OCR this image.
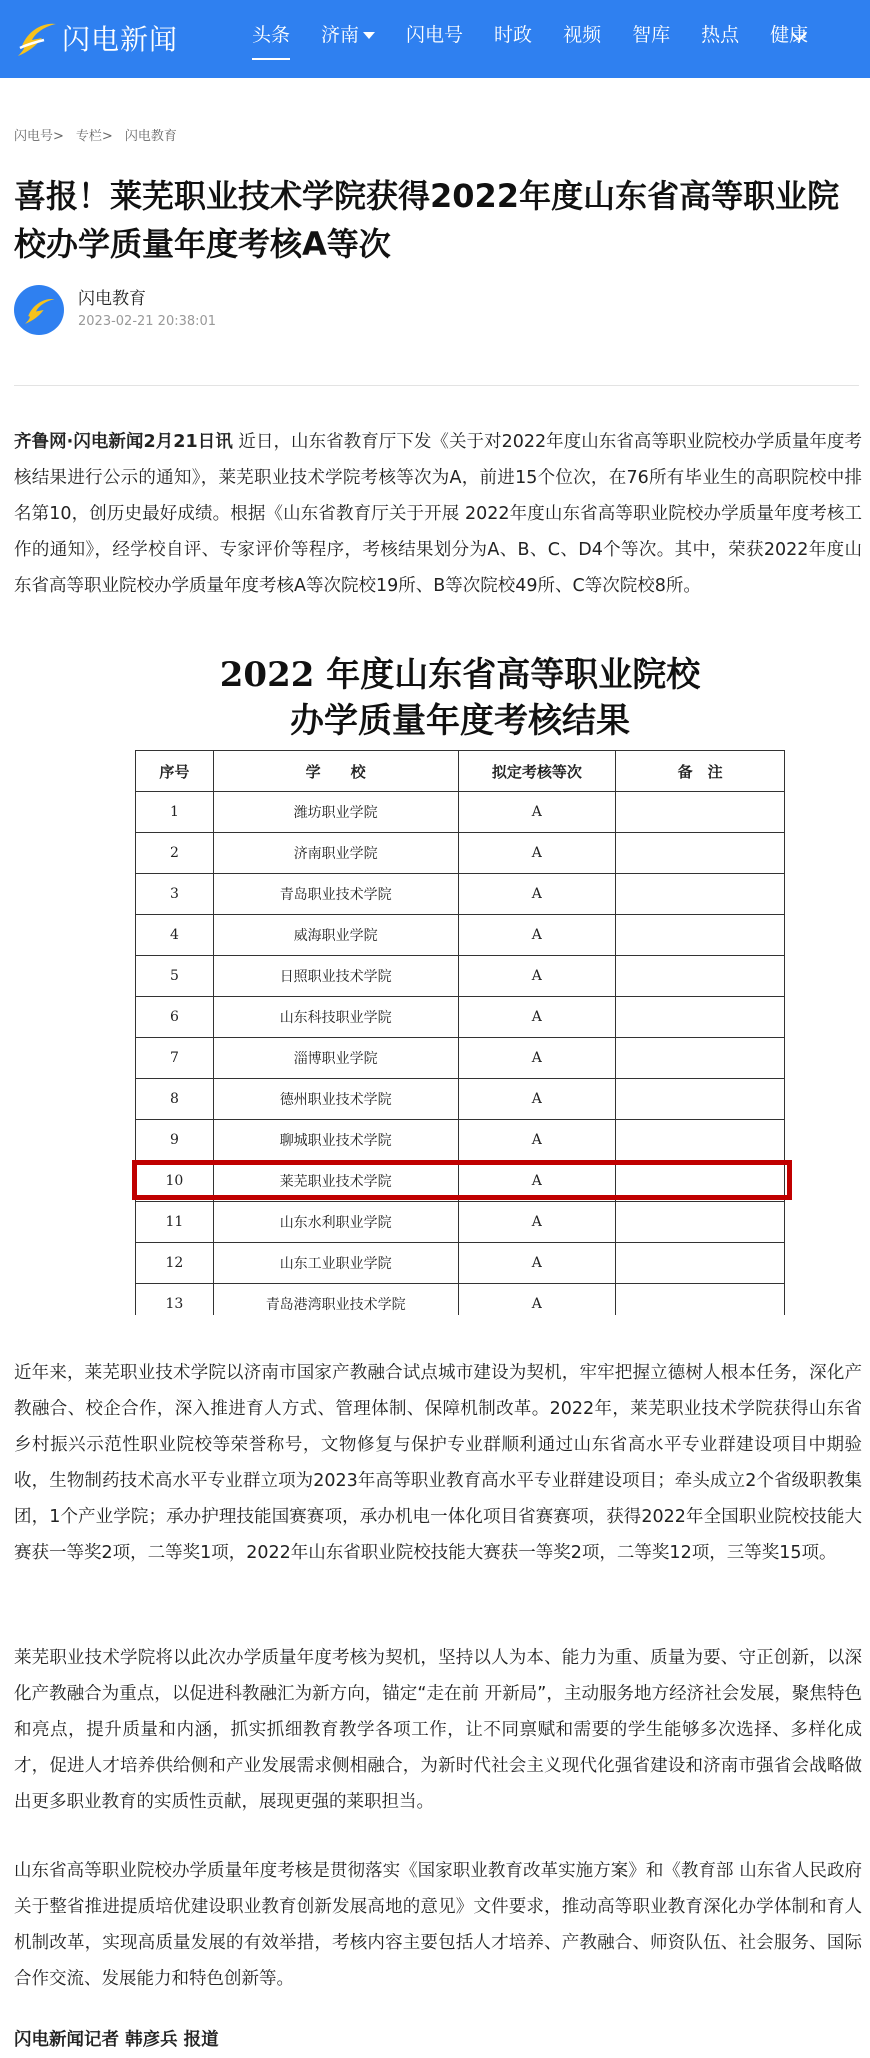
闪电新闻	头条 济南	闪电号 时政 视频 智库 热点 健康
闪电号> 专栏> 闪电教育
喜报！莱芜职业技术学院获得2022年度山东省高等职业院校办学质量年度考核A等次
闪电教育
2023-02-21 20:38:01

齐鲁网·闪电新闻2月21日讯 近日，山东省教育厅下发《关于对2022年度山东省高等职业院校办学质量年度考核结果进行公示的通知》，莱芜职业技术学院考核等次为A，前进15个位次，在76所有毕业生的高职院校中排名第10，创历史最好成绩。根据《山东省教育厅关于开展 2022年度山东省高等职业院校办学质量年度考核工作的通知》，经学校自评、专家评价等程序，考核结果划分为A、B、C、D4个等次。其中，荣获2022年度山东省高等职业院校办学质量年度考核A等次院校19所、B等次院校49所、C等次院校8所。

2022 年度山东省高等职业院校
办学质量年度考核结果
序号	学　　校	拟定考核等次	备　注
1	潍坊职业学院	A	
2	济南职业学院	A	
3	青岛职业技术学院	A	
4	威海职业学院	A	
5	日照职业技术学院	A	
6	山东科技职业学院	A	
7	淄博职业学院	A	
8	德州职业技术学院	A	
9	聊城职业技术学院	A	
10	莱芜职业技术学院	A	
11	山东水利职业学院	A	
12	山东工业职业学院	A	
13	青岛港湾职业技术学院	A	

近年来，莱芜职业技术学院以济南市国家产教融合试点城市建设为契机，牢牢把握立德树人根本任务，深化产教融合、校企合作，深入推进育人方式、管理体制、保障机制改革。2022年，莱芜职业技术学院获得山东省乡村振兴示范性职业院校等荣誉称号，文物修复与保护专业群顺利通过山东省高水平专业群建设项目中期验收，生物制药技术高水平专业群立项为2023年高等职业教育高水平专业群建设项目；牵头成立2个省级职教集团，1个产业学院；承办护理技能国赛赛项，承办机电一体化项目省赛赛项，获得2022年全国职业院校技能大赛获一等奖2项，二等奖1项，2022年山东省职业院校技能大赛获一等奖2项，二等奖12项，三等奖15项。

莱芜职业技术学院将以此次办学质量年度考核为契机，坚持以人为本、能力为重、质量为要、守正创新，以深化产教融合为重点，以促进科教融汇为新方向，锚定“走在前 开新局”，主动服务地方经济社会发展，聚焦特色和亮点，提升质量和内涵，抓实抓细教育教学各项工作，让不同禀赋和需要的学生能够多次选择、多样化成才，促进人才培养供给侧和产业发展需求侧相融合，为新时代社会主义现代化强省建设和济南市强省会战略做出更多职业教育的实质性贡献，展现更强的莱职担当。

山东省高等职业院校办学质量年度考核是贯彻落实《国家职业教育改革实施方案》和《教育部 山东省人民政府关于整省推进提质培优建设职业教育创新发展高地的意见》文件要求，推动高等职业教育深化办学体制和育人机制改革，实现高质量发展的有效举措，考核内容主要包括人才培养、产教融合、师资队伍、社会服务、国际合作交流、发展能力和特色创新等。

闪电新闻记者 韩彦兵 报道
